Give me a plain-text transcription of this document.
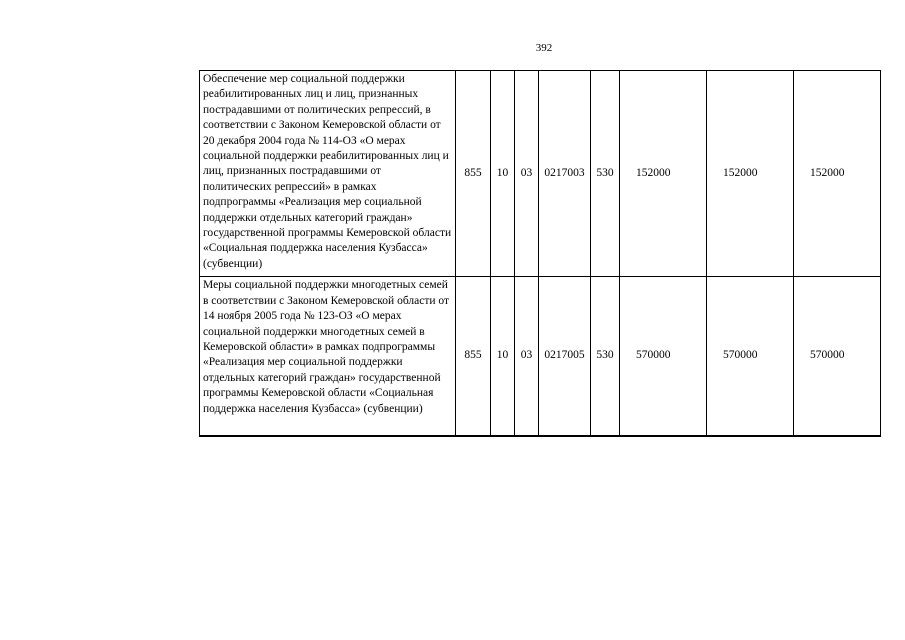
392
Обеспечение мер социальной поддержки реабилитированных лиц и лиц, признанных пострадавшими от политических репрессий, в соответствии с Законом Кемеровской области от 20 декабря 2004 года № 114-ОЗ «О мерах социальной поддержки реабилитированных лиц и лиц, признанных пострадавшими от политических репрессий» в рамках подпрограммы «Реализация мер социальной поддержки отдельных категорий граждан» государственной программы Кемеровской области «Социальная поддержка населения Кузбасса» (субвенции)	855	10	03	0217003	530	152000	152000	152000
Меры социальной поддержки многодетных семей в соответствии с Законом Кемеровской области от 14 ноября 2005 года № 123-ОЗ «О мерах социальной поддержки многодетных семей в Кемеровской области» в рамках подпрограммы «Реализация мер социальной поддержки отдельных категорий граждан» государственной программы Кемеровской области «Социальная поддержка населения Кузбасса» (субвенции)	855	10	03	0217005	530	570000	570000	570000
